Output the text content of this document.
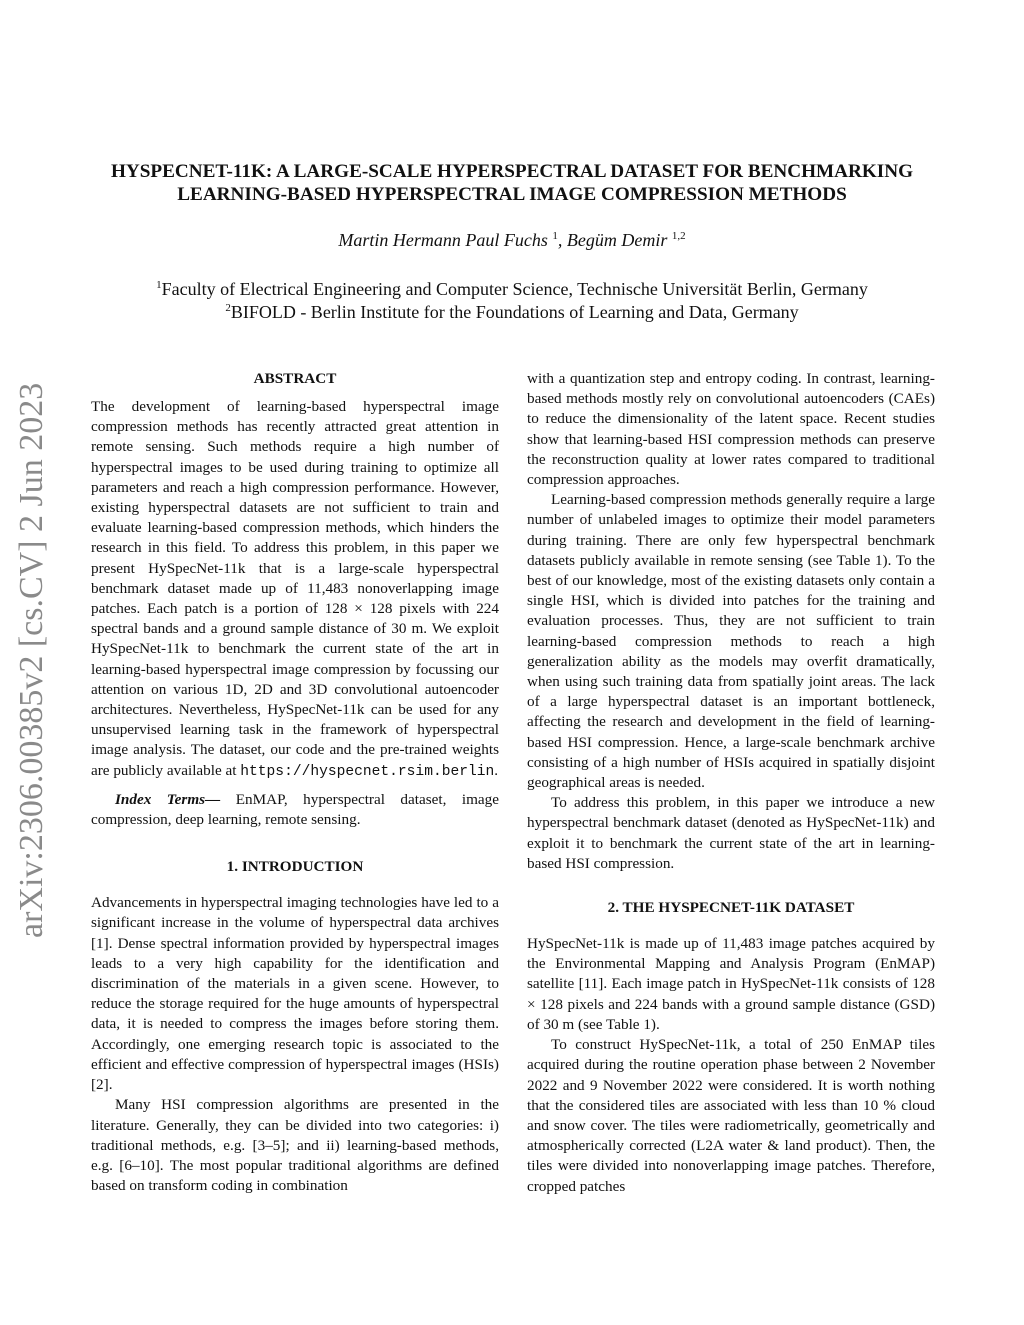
arXiv:2306.00385v2 [cs.CV] 2 Jun 2023
HYSPECNET-11K: A LARGE-SCALE HYPERSPECTRAL DATASET FOR BENCHMARKING
LEARNING-BASED HYPERSPECTRAL IMAGE COMPRESSION METHODS
Martin Hermann Paul Fuchs $^1$, Begüm Demir $^{1,2}$
$^1$Faculty of Electrical Engineering and Computer Science, Technische Universität Berlin, Germany
$^2$BIFOLD - Berlin Institute for the Foundations of Learning and Data, Germany
ABSTRACT

The development of learning-based hyperspectral image compression methods has recently attracted great attention in remote sensing. Such methods require a high number of hyperspectral images to be used during training to optimize all parameters and reach a high compression performance. However, existing hyperspectral datasets are not sufficient to train and evaluate learning-based compression methods, which hinders the research in this field. To address this problem, in this paper we present HySpecNet-11k that is a large-scale hyperspectral benchmark dataset made up of 11,483 nonoverlapping image patches. Each patch is a portion of 128 × 128 pixels with 224 spectral bands and a ground sample distance of 30 m. We exploit HySpecNet-11k to benchmark the current state of the art in learning-based hyperspectral image compression by focussing our attention on various 1D, 2D and 3D convolutional autoencoder architectures. Nevertheless, HySpecNet-11k can be used for any unsupervised learning task in the framework of hyperspectral image analysis. The dataset, our code and the pre-trained weights are publicly available at https://hyspecnet.rsim.berlin.

Index Terms— EnMAP, hyperspectral dataset, image compression, deep learning, remote sensing.

1. INTRODUCTION

Advancements in hyperspectral imaging technologies have led to a significant increase in the volume of hyperspectral data archives [1]. Dense spectral information provided by hyperspectral images leads to a very high capability for the identification and discrimination of the materials in a given scene. However, to reduce the storage required for the huge amounts of hyperspectral data, it is needed to compress the images before storing them. Accordingly, one emerging research topic is associated to the efficient and effective compression of hyperspectral images (HSIs) [2].

Many HSI compression algorithms are presented in the literature. Generally, they can be divided into two categories: i) traditional methods, e.g. [3–5]; and ii) learning-based methods, e.g. [6–10]. The most popular traditional algorithms are defined based on transform coding in combination

with a quantization step and entropy coding. In contrast, learning-based methods mostly rely on convolutional autoencoders (CAEs) to reduce the dimensionality of the latent space. Recent studies show that learning-based HSI compression methods can preserve the reconstruction quality at lower rates compared to traditional compression approaches.

Learning-based compression methods generally require a large number of unlabeled images to optimize their model parameters during training. There are only few hyperspectral benchmark datasets publicly available in remote sensing (see Table 1). To the best of our knowledge, most of the existing datasets only contain a single HSI, which is divided into patches for the training and evaluation processes. Thus, they are not sufficient to train learning-based compression methods to reach a high generalization ability as the models may overfit dramatically, when using such training data from spatially joint areas. The lack of a large hyperspectral dataset is an important bottleneck, affecting the research and development in the field of learning-based HSI compression. Hence, a large-scale benchmark archive consisting of a high number of HSIs acquired in spatially disjoint geographical areas is needed.

To address this problem, in this paper we introduce a new hyperspectral benchmark dataset (denoted as HySpecNet-11k) and exploit it to benchmark the current state of the art in learning-based HSI compression.

2. THE HYSPECNET-11K DATASET

HySpecNet-11k is made up of 11,483 image patches acquired by the Environmental Mapping and Analysis Program (EnMAP) satellite [11]. Each image patch in HySpecNet-11k consists of 128 × 128 pixels and 224 bands with a ground sample distance (GSD) of 30 m (see Table 1).

To construct HySpecNet-11k, a total of 250 EnMAP tiles acquired during the routine operation phase between 2 November 2022 and 9 November 2022 were considered. It is worth nothing that the considered tiles are associated with less than 10 % cloud and snow cover. The tiles were radiometrically, geometrically and atmospherically corrected (L2A water & land product). Then, the tiles were divided into nonoverlapping image patches. Therefore, cropped patches
